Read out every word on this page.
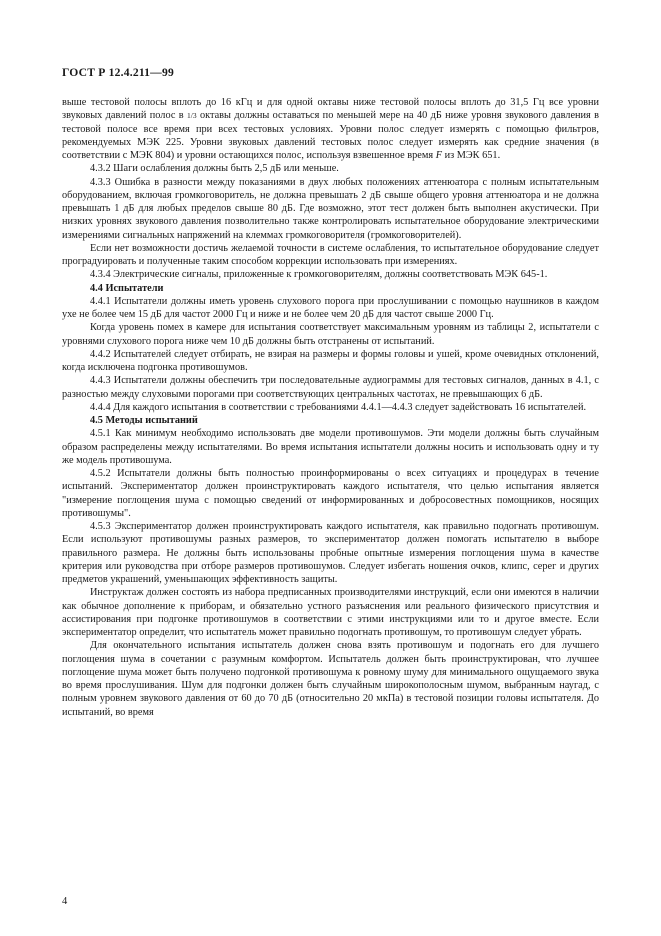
ГОСТ Р 12.4.211—99

выше тестовой полосы вплоть до 16 кГц и для одной октавы ниже тестовой полосы вплоть до 31,5 Гц все уровни звуковых давлений полос в 1/3 октавы должны оставаться по меньшей мере на 40 дБ ниже уровня звукового давления в тестовой полосе все время при всех тестовых условиях. Уровни полос следует измерять с помощью фильтров, рекомендуемых МЭК 225. Уровни звуковых давлений тестовых полос следует измерять как средние значения (в соответствии с МЭК 804) и уровни остающихся полос, используя взвешенное время F из МЭК 651.

4.3.2 Шаги ослабления должны быть 2,5 дБ или меньше.

4.3.3 Ошибка в разности между показаниями в двух любых положениях аттенюатора с полным испытательным оборудованием, включая громкоговоритель, не должна превышать 2 дБ свыше общего уровня аттенюатора и не должна превышать 1 дБ для любых пределов свыше 80 дБ. Где возможно, этот тест должен быть выполнен акустически. При низких уровнях звукового давления позволительно также контролировать испытательное оборудование электрическими измерениями сигнальных напряжений на клеммах громкоговорителя (громкоговорителей).

Если нет возможности достичь желаемой точности в системе ослабления, то испытательное оборудование следует проградуировать и полученные таким способом коррекции использовать при измерениях.

4.3.4 Электрические сигналы, приложенные к громкоговорителям, должны соответствовать МЭК 645-1.

4.4 Испытатели

4.4.1 Испытатели должны иметь уровень слухового порога при прослушивании с помощью наушников в каждом ухе не более чем 15 дБ для частот 2000 Гц и ниже и не более чем 20 дБ для частот свыше 2000 Гц.

Когда уровень помех в камере для испытания соответствует максимальным уровням из таблицы 2, испытатели с уровнями слухового порога ниже чем 10 дБ должны быть отстранены от испытаний.

4.4.2 Испытателей следует отбирать, не взирая на размеры и формы головы и ушей, кроме очевидных отклонений, когда исключена подгонка противошумов.

4.4.3 Испытатели должны обеспечить три последовательные аудиограммы для тестовых сигналов, данных в 4.1, с разностью между слуховыми порогами при соответствующих центральных частотах, не превышающих 6 дБ.

4.4.4 Для каждого испытания в соответствии с требованиями 4.4.1—4.4.3 следует задействовать 16 испытателей.

4.5 Методы испытаний

4.5.1 Как минимум необходимо использовать две модели противошумов. Эти модели должны быть случайным образом распределены между испытателями. Во время испытания испытатели должны носить и использовать одну и ту же модель противошума.

4.5.2 Испытатели должны быть полностью проинформированы о всех ситуациях и процедурах в течение испытаний. Экспериментатор должен проинструктировать каждого испытателя, что целью испытания является "измерение поглощения шума с помощью сведений от информированных и добросовестных помощников, носящих противошумы".

4.5.3 Экспериментатор должен проинструктировать каждого испытателя, как правильно подогнать противошум. Если используют противошумы разных размеров, то экспериментатор должен помогать испытателю в выборе правильного размера. Не должны быть использованы пробные опытные измерения поглощения шума в качестве критерия или руководства при отборе размеров противошумов. Следует избегать ношения очков, клипс, серег и других предметов украшений, уменьшающих эффективность защиты.

Инструктаж должен состоять из набора предписанных производителями инструкций, если они имеются в наличии как обычное дополнение к приборам, и обязательно устного разъяснения или реального физического присутствия и ассистирования при подгонке противошумов в соответствии с этими инструкциями или то и другое вместе. Если экспериментатор определит, что испытатель может правильно подогнать противошум, то противошум следует убрать.

Для окончательного испытания испытатель должен снова взять противошум и подогнать его для лучшего поглощения шума в сочетании с разумным комфортом. Испытатель должен быть проинструктирован, что лучшее поглощение шума может быть получено подгонкой противошума к ровному шуму для минимального ощущаемого звука во время прослушивания. Шум для подгонки должен быть случайным широкополосным шумом, выбранным наугад, с полным уровнем звукового давления от 60 до 70 дБ (относительно 20 мкПа) в тестовой позиции головы испытателя. До испытаний, во время

4
